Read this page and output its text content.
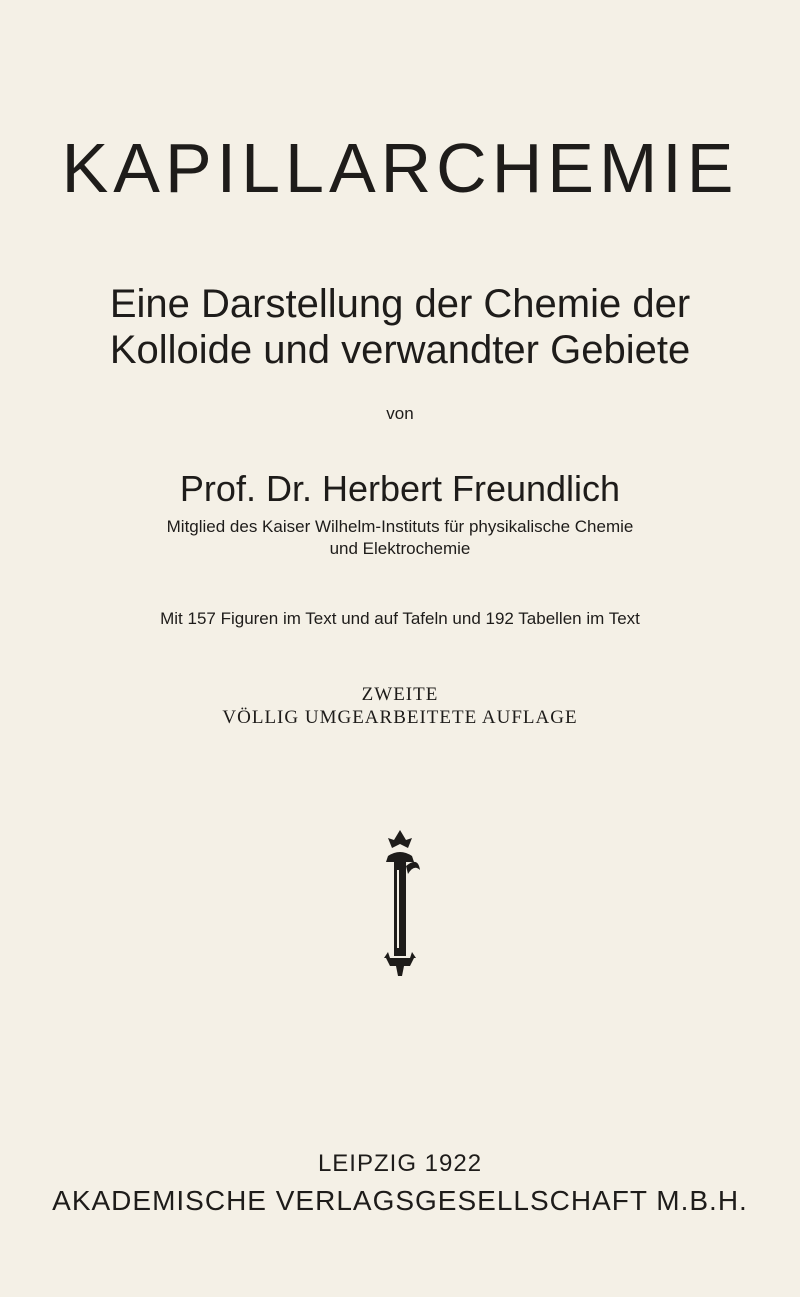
KAPILLARCHEMIE
Eine Darstellung der Chemie der
Kolloide und verwandter Gebiete
von
Prof. Dr. Herbert Freundlich
Mitglied des Kaiser Wilhelm-Instituts für physikalische Chemie
und Elektrochemie
Mit 157 Figuren im Text und auf Tafeln und 192 Tabellen im Text
ZWEITE
VÖLLIG UMGEARBEITETE AUFLAGE
LEIPZIG 1922
AKADEMISCHE VERLAGSGESELLSCHAFT M.B.H.
